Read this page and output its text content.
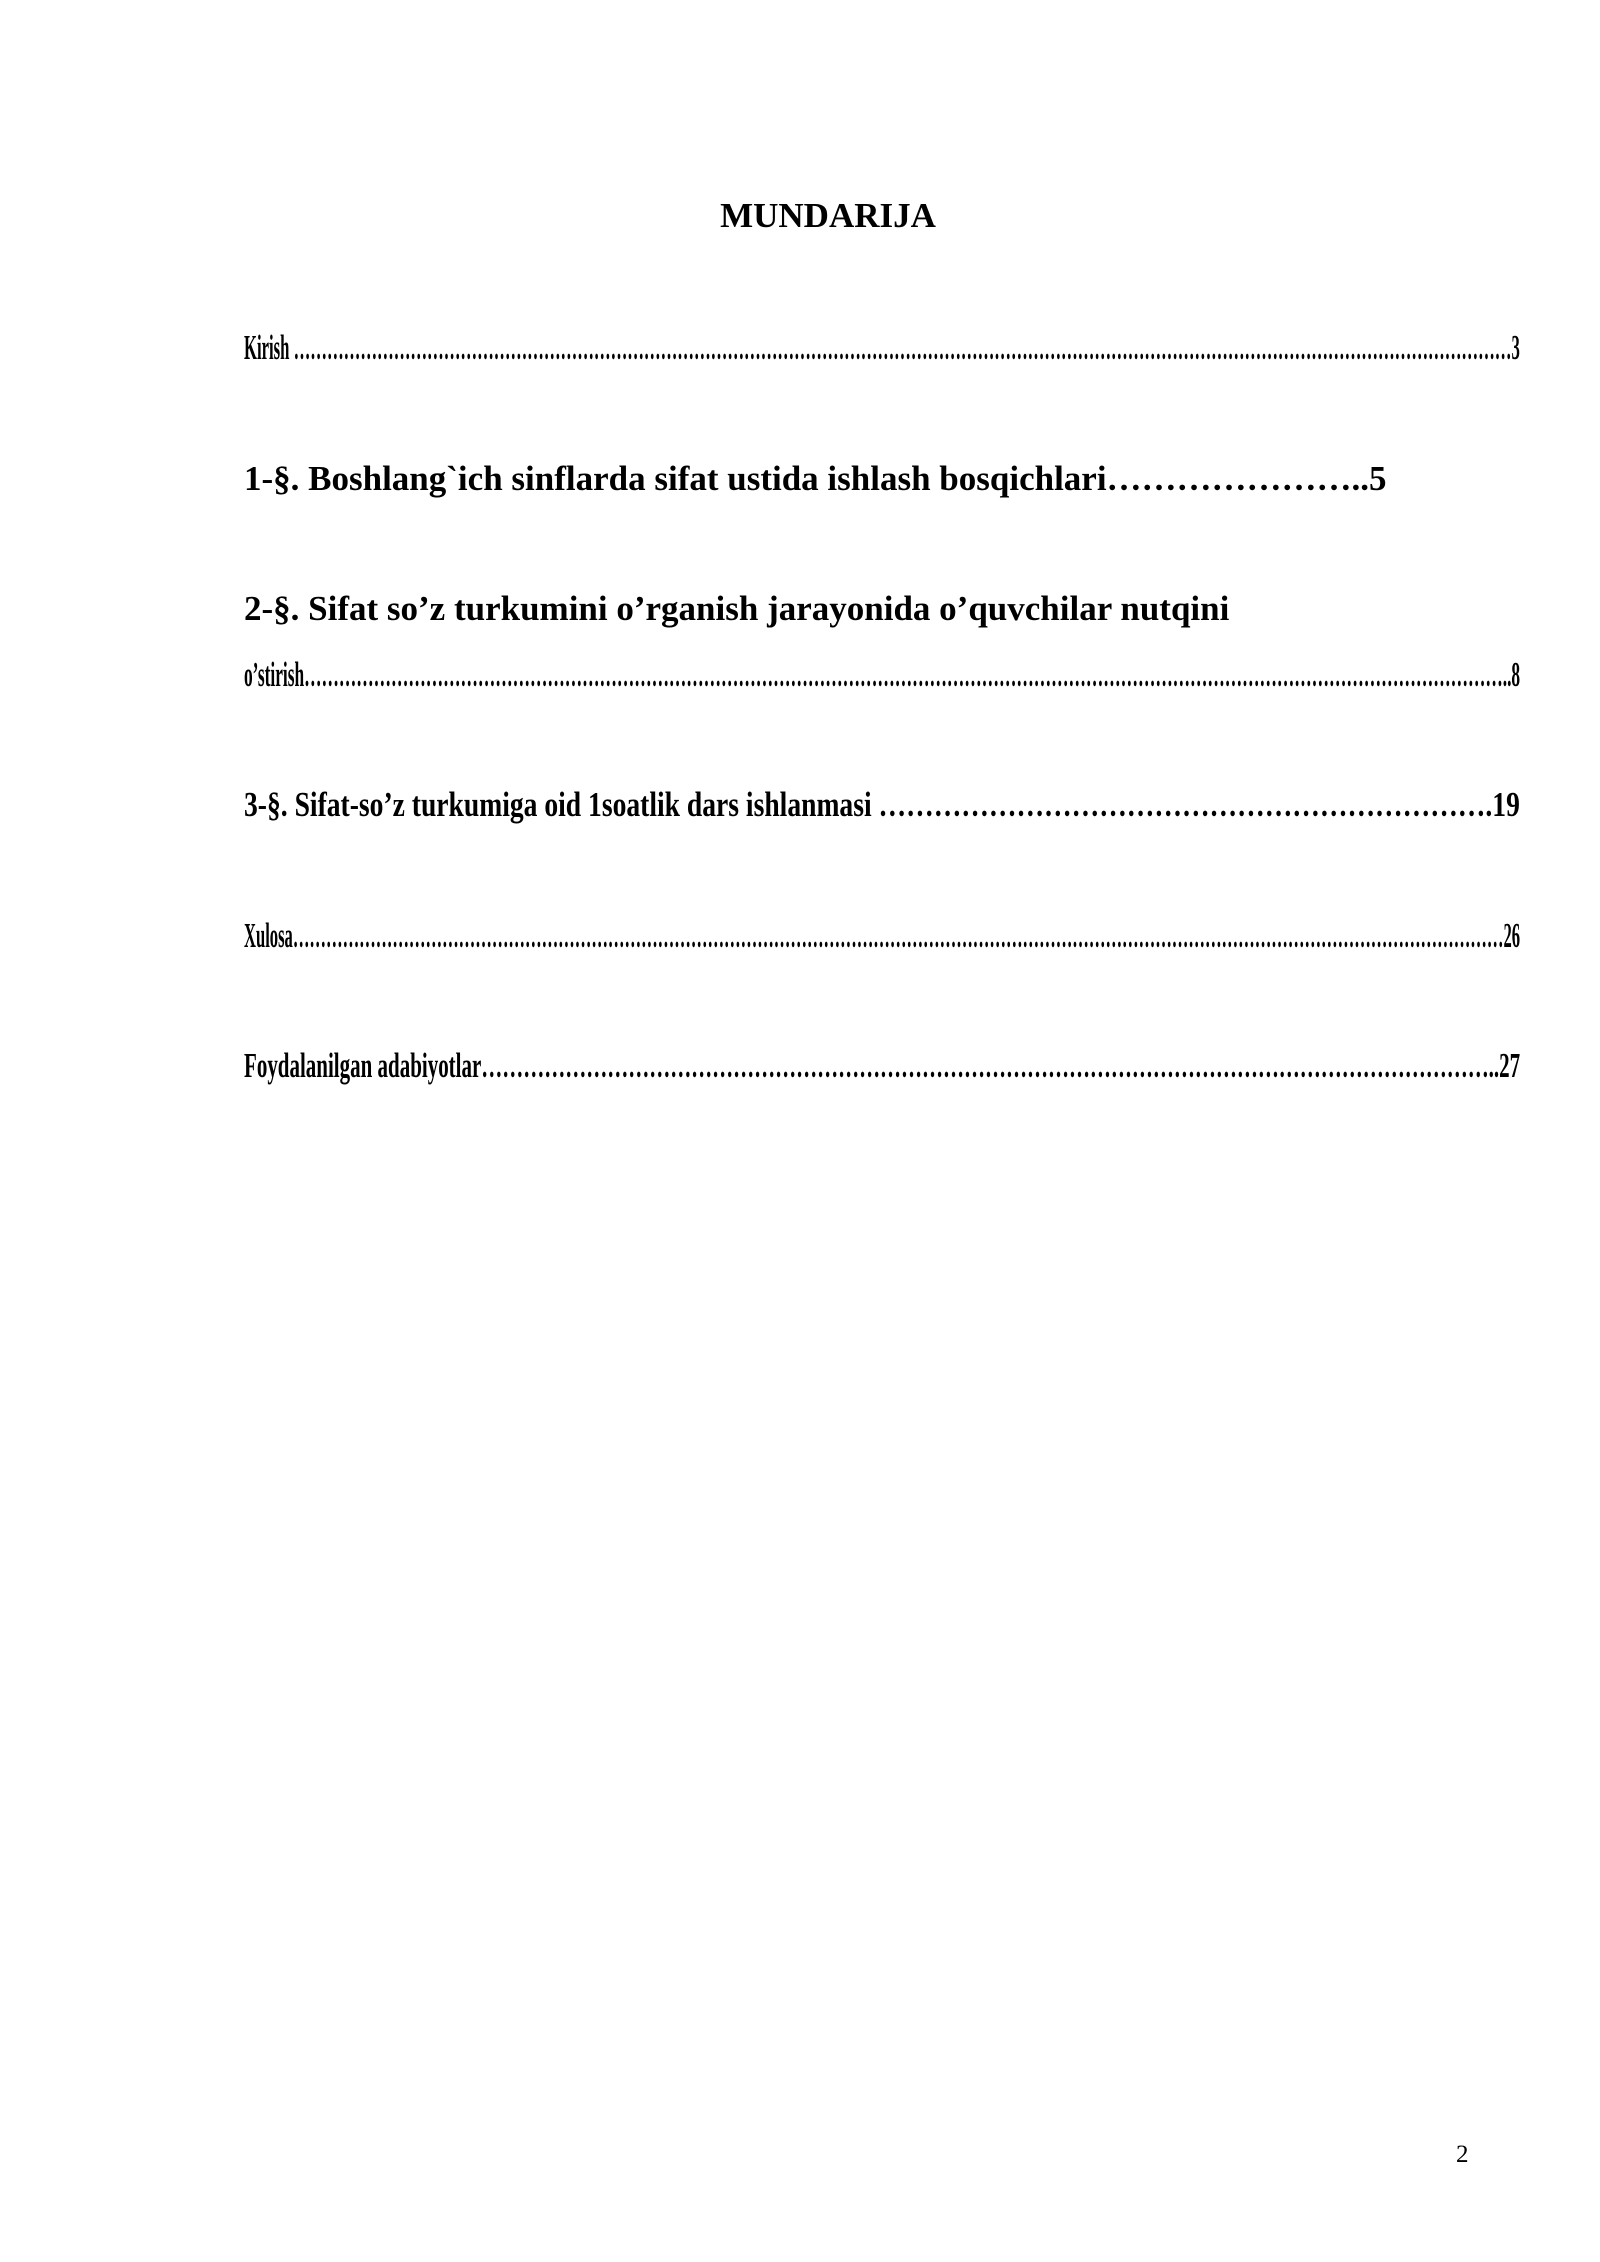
MUNDARIJA

Kirish …………………………………………………………………………………………………………………………………………………………………………………………………3

1-§. Boshlang`ich sinflarda sifat ustida ishlash bosqichlari…………………..5

2-§. Sifat so’z turkumini o’rganish jarayonida o’quvchilar nutqini

o’stirish………………………………………………………………………………………………………………………………………………………………………………………..8

3-§. Sifat-so’z turkumiga oid 1soatlik dars ishlanmasi ………………………………………………………….19

Xulosa…………………………………………………………………………………………………………………………………………………………………………………………………26

Foydalanilgan adabiyotlar………………………………………………………………………………………………………………………………..27

2
